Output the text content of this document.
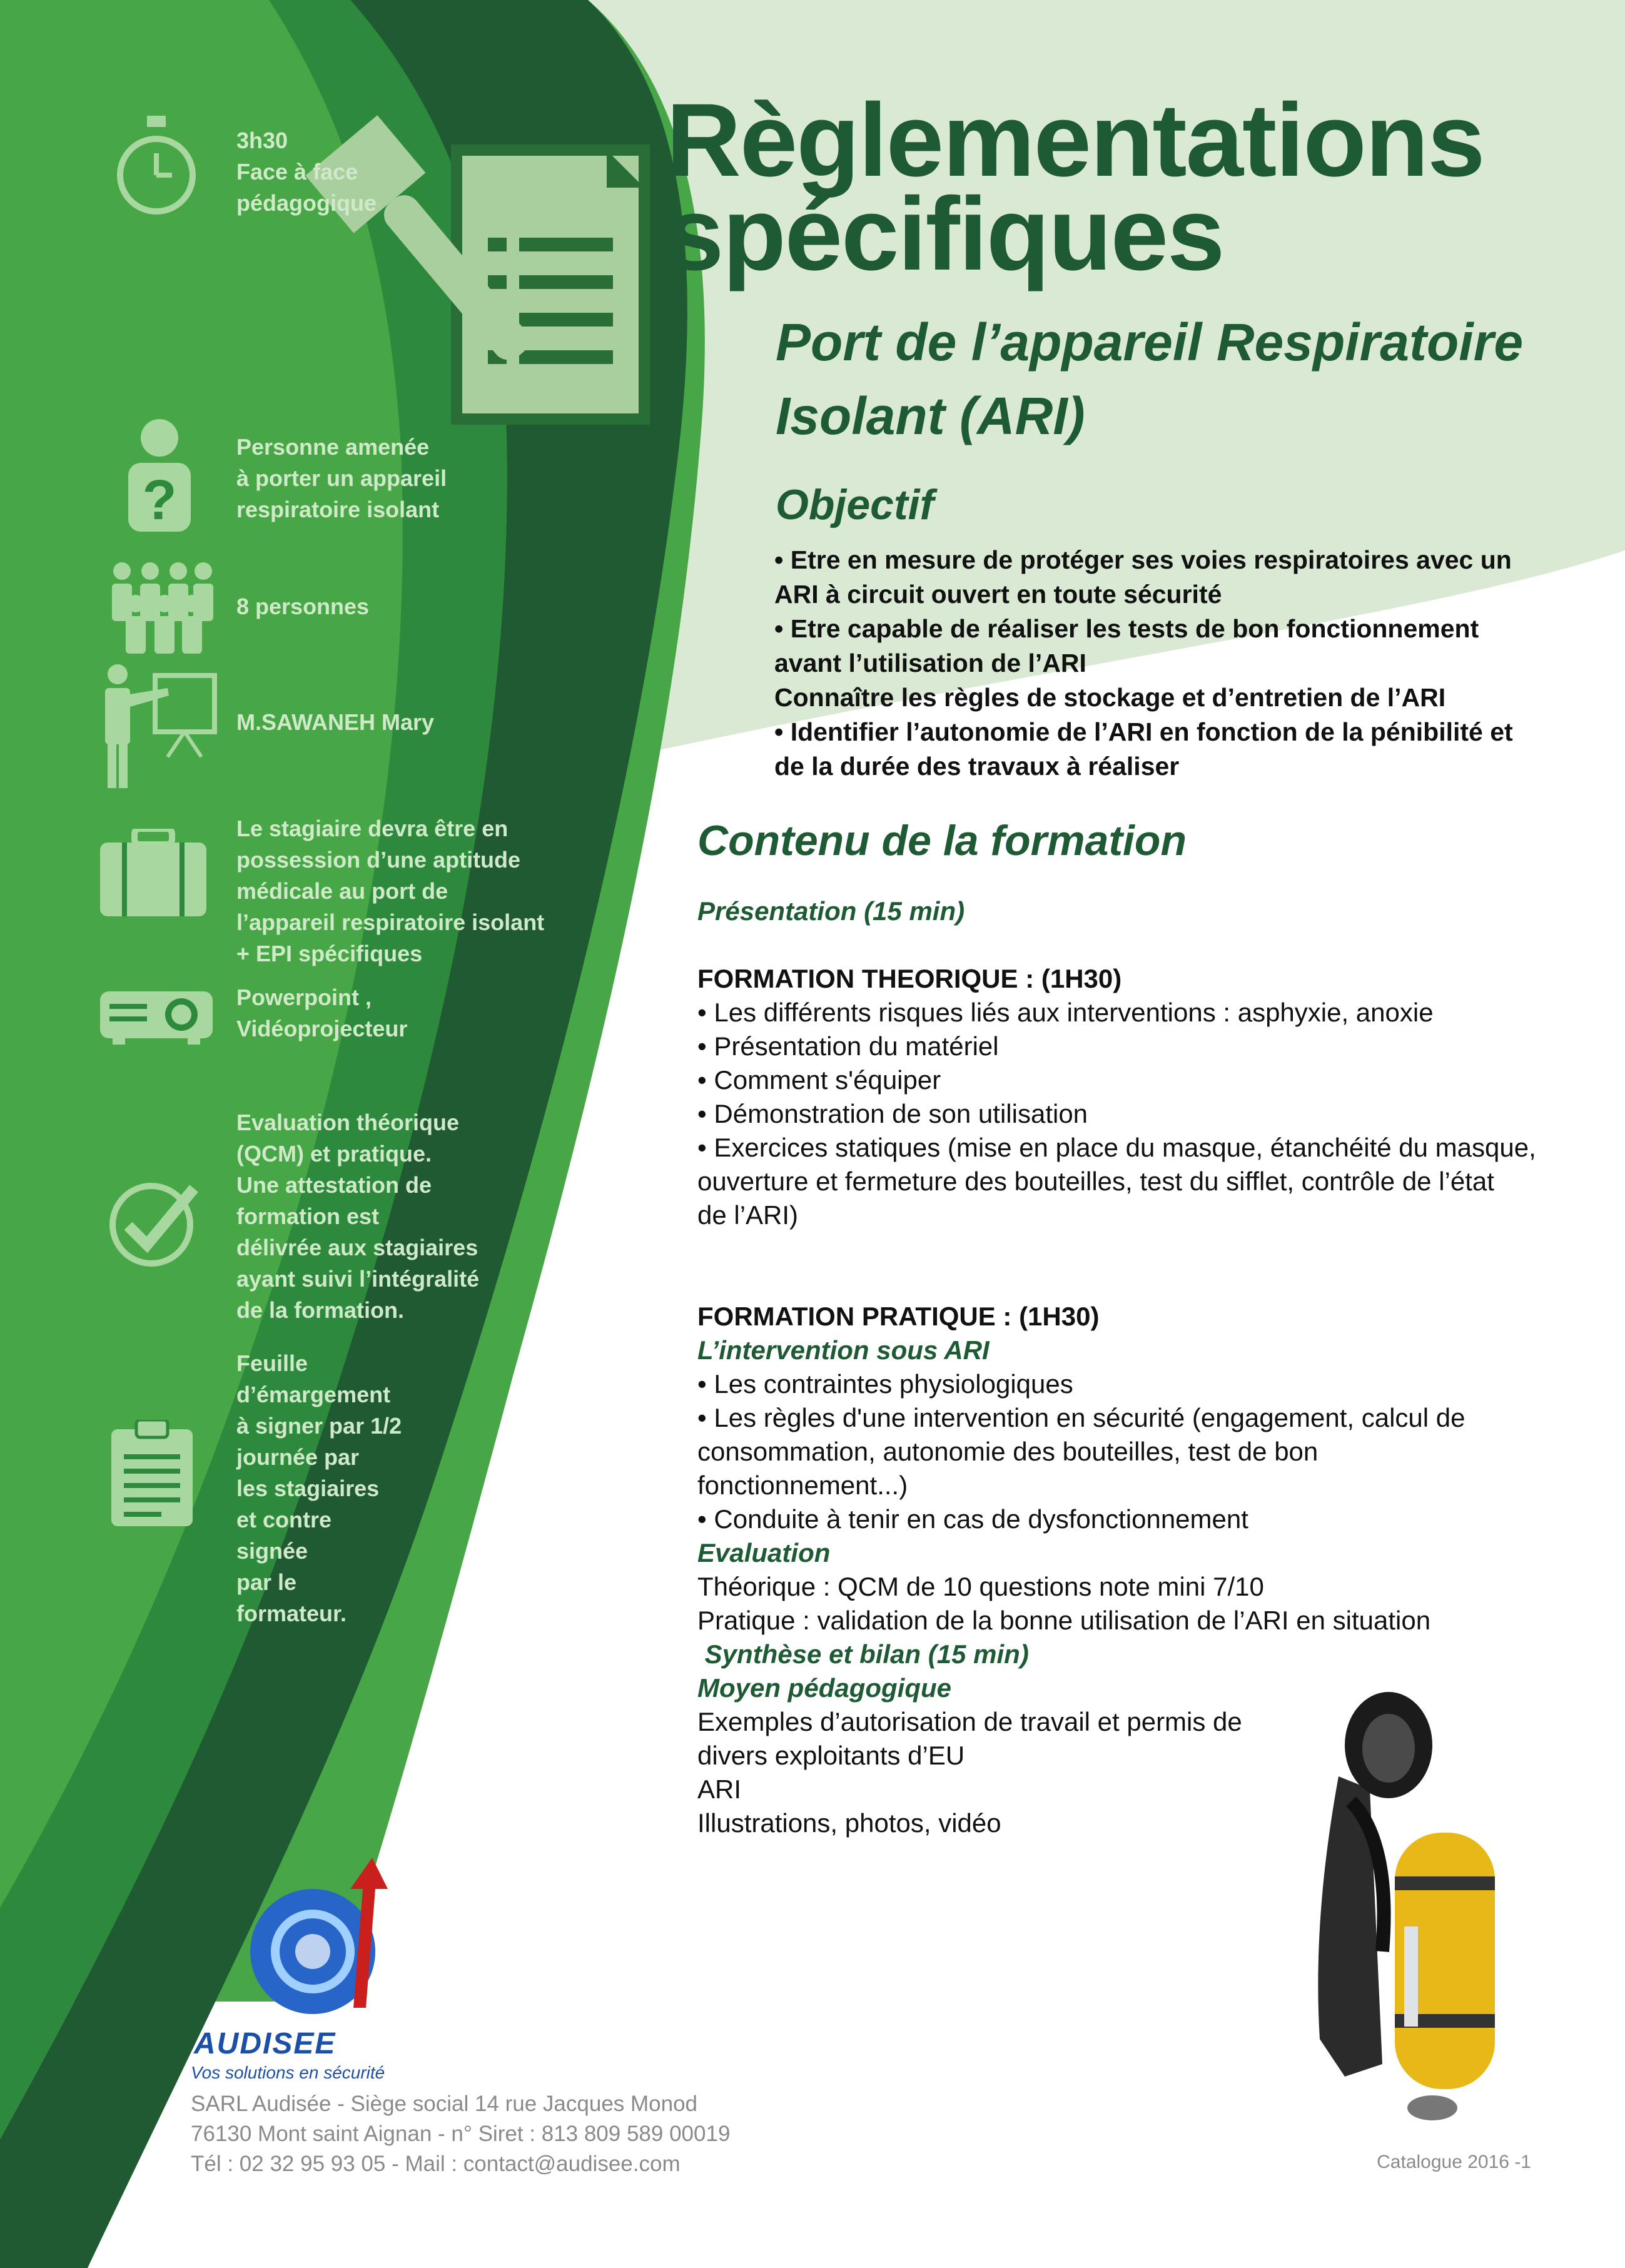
Règlementations
spécifiques
Port de l’appareil Respiratoire
Isolant (ARI)
Objectif
• Etre en mesure de protéger ses voies respiratoires avec un
ARI à circuit ouvert en toute sécurité
• Etre capable de réaliser les tests de bon fonctionnement
avant l’utilisation de l’ARI
Connaître les règles de stockage et d’entretien de l’ARI
• Identifier l’autonomie de l’ARI en fonction de la pénibilité et
de la durée des travaux à réaliser
Contenu de la formation
Présentation (15 min)
FORMATION THEORIQUE : (1H30)
• Les différents risques liés aux interventions : asphyxie, anoxie
• Présentation du matériel
• Comment s'équiper
• Démonstration de son utilisation
• Exercices statiques (mise en place du masque, étanchéité du masque,
ouverture et fermeture des bouteilles, test du sifflet, contrôle de l’état
de l’ARI)
FORMATION PRATIQUE : (1H30)
L’intervention sous ARI
• Les contraintes physiologiques
• Les règles d'une intervention en sécurité (engagement, calcul de
consommation, autonomie des bouteilles, test de bon
fonctionnement...)
• Conduite à tenir en cas de dysfonctionnement
Evaluation
Théorique : QCM de 10 questions note mini 7/10
Pratique : validation de la bonne utilisation de l’ARI en situation
Synthèse et bilan (15 min)
Moyen pédagogique
Exemples d’autorisation de travail et permis de
divers exploitants d’EU
ARI
Illustrations, photos, vidéo
3h30
Face à face
pédagogique
?
Personne amenée
à porter un appareil
respiratoire isolant
8 personnes
M.SAWANEH Mary
Le stagiaire devra être en
possession d’une aptitude
médicale au port de
l’appareil respiratoire isolant
+ EPI spécifiques
Powerpoint ,
Vidéoprojecteur
Evaluation théorique
(QCM) et pratique.
Une attestation de
formation est
délivrée aux stagiaires
ayant suivi l’intégralité
de la formation.
Feuille
d’émargement
à signer par 1/2
journée par
les stagiaires
et contre
signée
par le
formateur.
AUDISEE
Vos solutions en sécurité
SARL Audisée - Siège social 14 rue Jacques Monod
76130 Mont saint Aignan - n° Siret : 813 809 589 00019
Tél : 02 32 95 93 05 - Mail : contact@audisee.com	Catalogue 2016 -1
